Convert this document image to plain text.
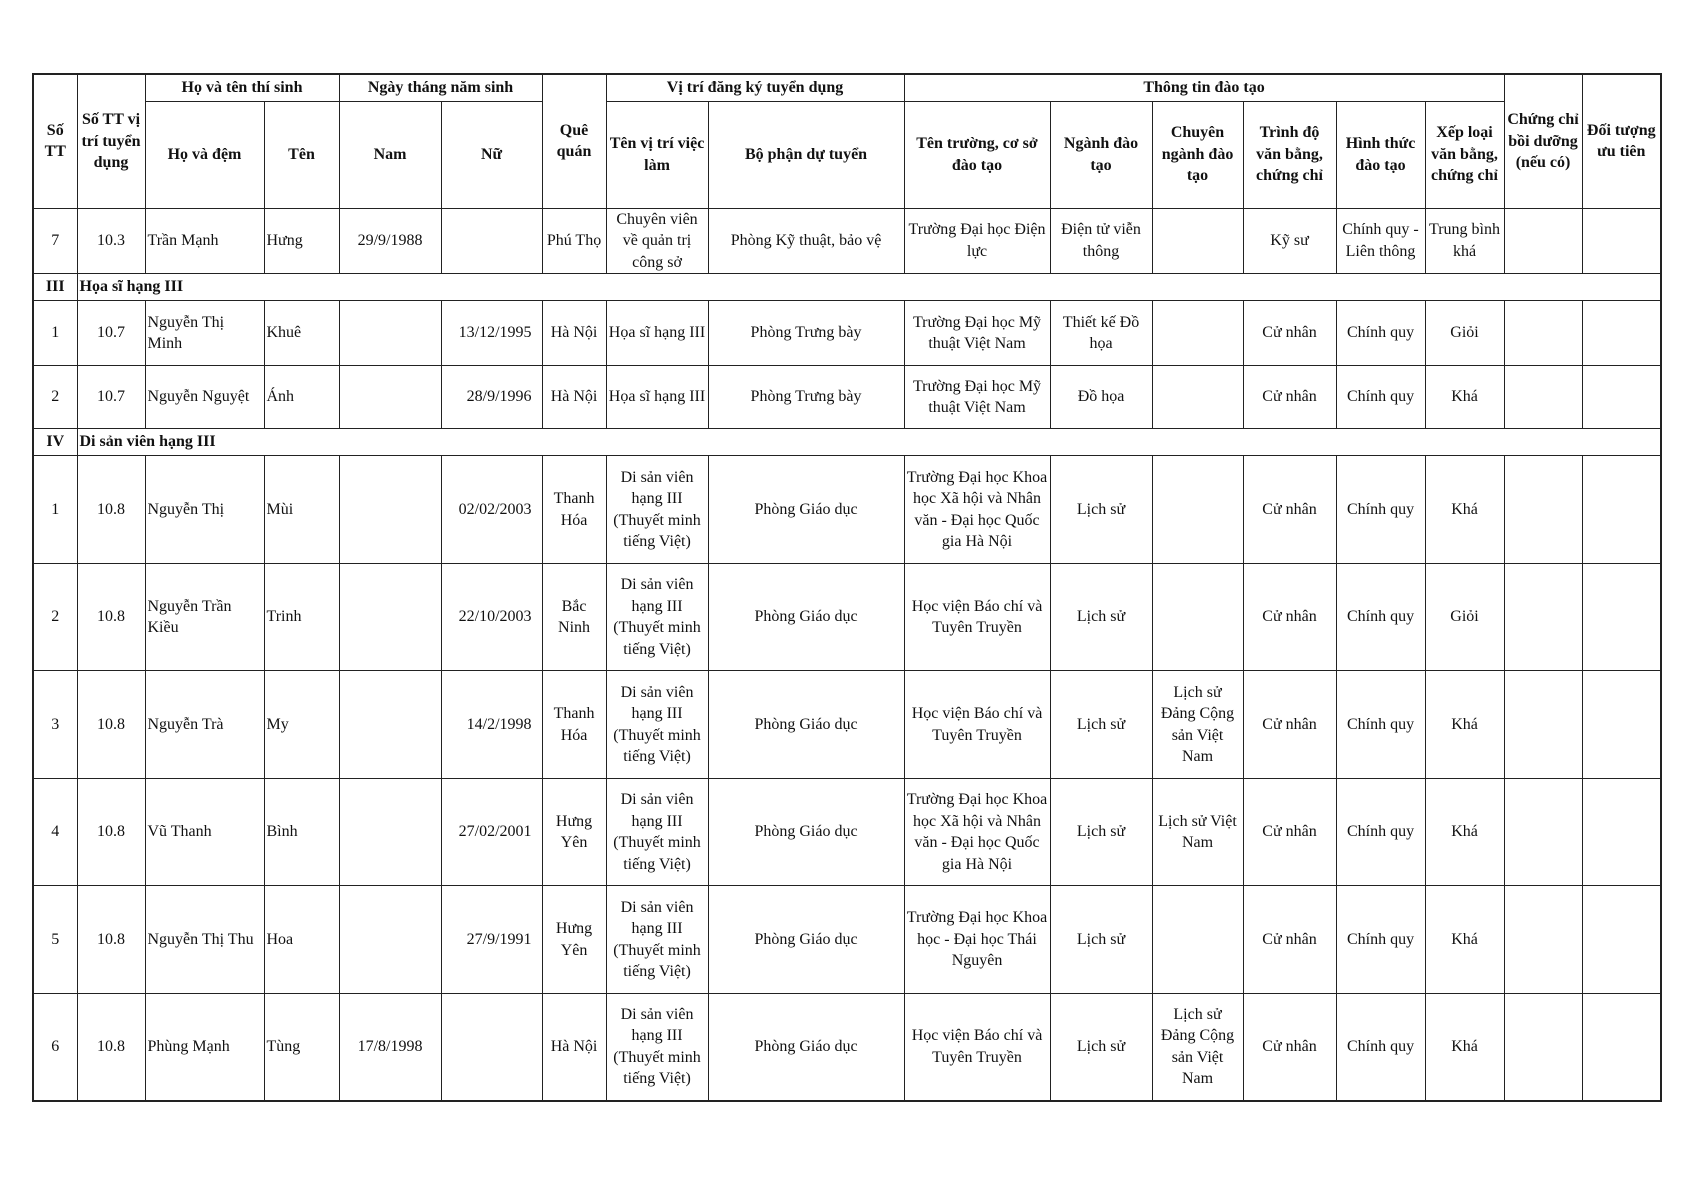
Số TT	Số TT vị trí tuyển dụng	Họ và tên thí sinh		Ngày tháng năm sinh		Quê quán	Vị trí đăng ký tuyển dụng		Thông tin đào tạo						Chứng chỉ bồi dưỡng (nếu có)	Đối tượng ưu tiên
		Họ và đệm	Tên	Nam	Nữ		Tên vị trí việc làm	Bộ phận dự tuyển	Tên trường, cơ sở đào tạo	Ngành đào tạo	Chuyên ngành đào tạo	Trình độ văn bằng, chứng chỉ	Hình thức đào tạo	Xếp loại văn bằng, chứng chỉ		
7	10.3	Trần Mạnh	Hưng	29/9/1988		Phú Thọ	Chuyên viên về quản trị công sở	Phòng Kỹ thuật, bảo vệ	Trường Đại học Điện lực	Điện tử viễn thông		Kỹ sư	Chính quy - Liên thông	Trung bình khá		
III	Họa sĩ hạng III															
1	10.7	Nguyễn Thị Minh	Khuê		13/12/1995	Hà Nội	Họa sĩ hạng III	Phòng Trưng bày	Trường Đại học Mỹ thuật Việt Nam	Thiết kế Đồ họa		Cử nhân	Chính quy	Giỏi		
2	10.7	Nguyễn Nguyệt	Ánh		28/9/1996	Hà Nội	Họa sĩ hạng III	Phòng Trưng bày	Trường Đại học Mỹ thuật Việt Nam	Đồ họa		Cử nhân	Chính quy	Khá		
IV	Di sản viên hạng III															
1	10.8	Nguyễn Thị	Mùi		02/02/2003	Thanh Hóa	Di sản viên hạng III (Thuyết minh tiếng Việt)	Phòng Giáo dục	Trường Đại học Khoa học Xã hội và Nhân văn - Đại học Quốc gia Hà Nội	Lịch sử		Cử nhân	Chính quy	Khá		
2	10.8	Nguyễn Trần Kiều	Trinh		22/10/2003	Bắc Ninh	Di sản viên hạng III (Thuyết minh tiếng Việt)	Phòng Giáo dục	Học viện Báo chí và Tuyên Truyền	Lịch sử		Cử nhân	Chính quy	Giỏi		
3	10.8	Nguyễn Trà	My		14/2/1998	Thanh Hóa	Di sản viên hạng III (Thuyết minh tiếng Việt)	Phòng Giáo dục	Học viện Báo chí và Tuyên Truyền	Lịch sử	Lịch sử Đảng Cộng sản Việt Nam	Cử nhân	Chính quy	Khá		
4	10.8	Vũ Thanh	Bình		27/02/2001	Hưng Yên	Di sản viên hạng III (Thuyết minh tiếng Việt)	Phòng Giáo dục	Trường Đại học Khoa học Xã hội và Nhân văn - Đại học Quốc gia Hà Nội	Lịch sử	Lịch sử Việt Nam	Cử nhân	Chính quy	Khá		
5	10.8	Nguyễn Thị Thu	Hoa		27/9/1991	Hưng Yên	Di sản viên hạng III (Thuyết minh tiếng Việt)	Phòng Giáo dục	Trường Đại học Khoa học - Đại học Thái Nguyên	Lịch sử		Cử nhân	Chính quy	Khá		
6	10.8	Phùng Mạnh	Tùng	17/8/1998		Hà Nội	Di sản viên hạng III (Thuyết minh tiếng Việt)	Phòng Giáo dục	Học viện Báo chí và Tuyên Truyền	Lịch sử	Lịch sử Đảng Cộng sản Việt Nam	Cử nhân	Chính quy	Khá		
